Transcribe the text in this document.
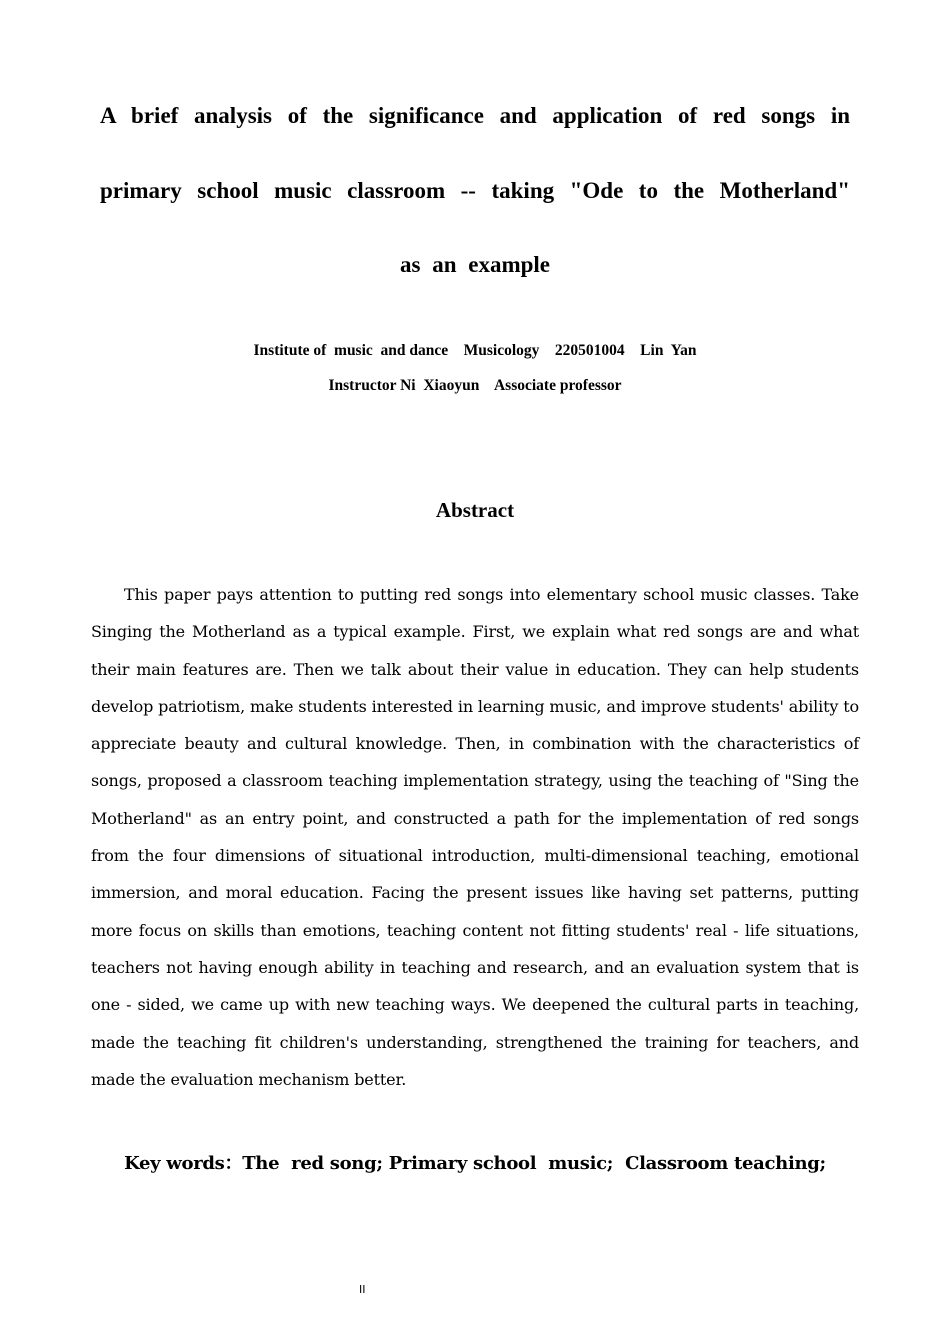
A brief analysis of the significance and application of red songs in
primary school music classroom -- taking "Ode to the Motherland"
as an example

Institute of  music  and dance    Musicology    220501004    Lin  Yan

Instructor Ni  Xiaoyun    Associate professor

Abstract

This paper pays attention to putting red songs into elementary school music classes. Take Singing the Motherland as a typical example. First, we explain what red songs are and what their main features are. Then we talk about their value in education. They can help students develop patriotism, make students interested in learning music, and improve students' ability to appreciate beauty and cultural knowledge. Then, in combination with the characteristics of songs, proposed a classroom teaching implementation strategy, using the teaching of "Sing the Motherland" as an entry point, and constructed a path for the implementation of red songs from the four dimensions of situational introduction, multi-dimensional teaching, emotional immersion, and moral education. Facing the present issues like having set patterns, putting more focus on skills than emotions, teaching content not fitting students' real - life situations, teachers not having enough ability in teaching and research, and an evaluation system that is one - sided, we came up with new teaching ways. We deepened the cultural parts in teaching, made the teaching fit children's understanding, strengthened the training for teachers, and made the evaluation mechanism better.

Key words：The  red song; Primary school  music;  Classroom teaching;

II
